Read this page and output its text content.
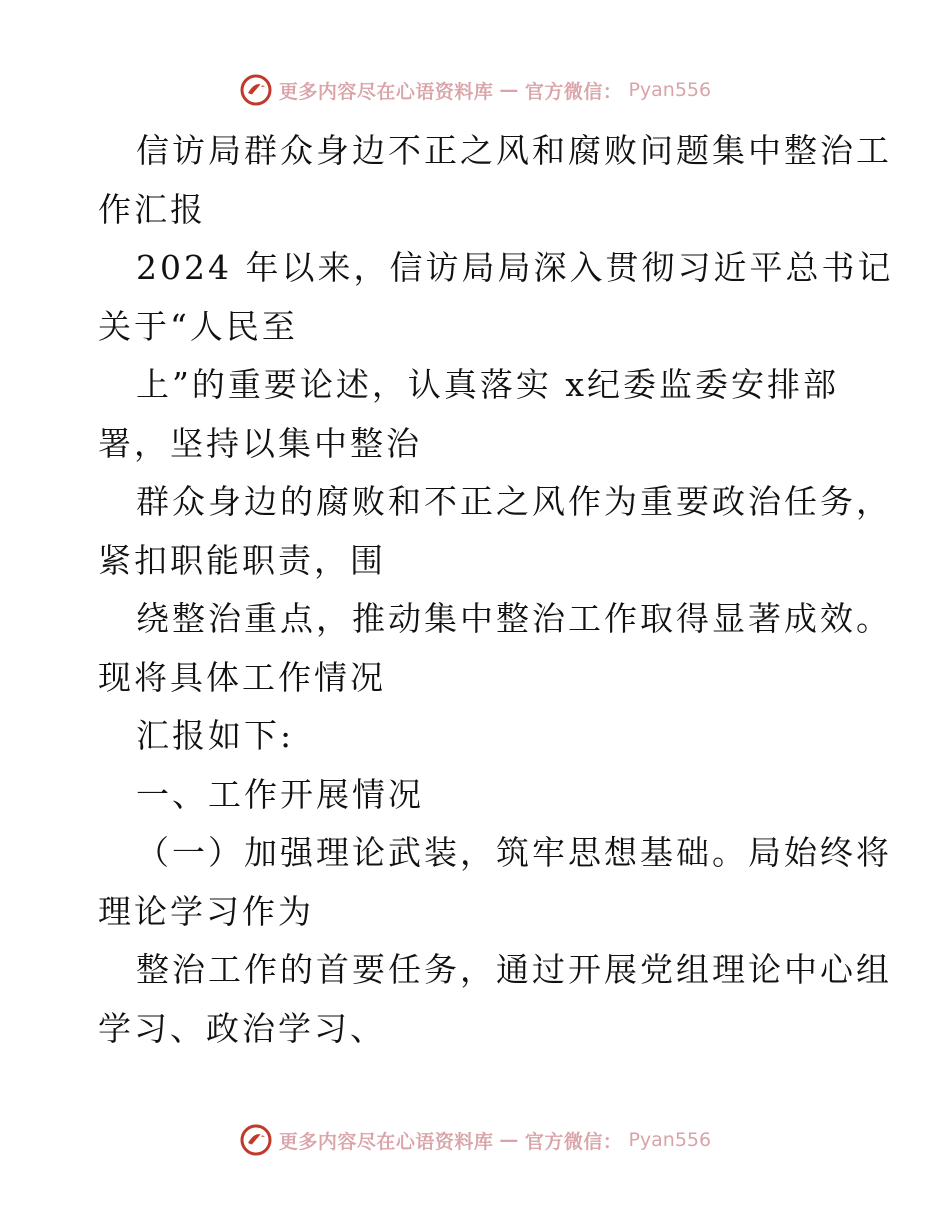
更多内容尽在心语资料库 — 官方微信： Pyan556
信访局群众身边不正之风和腐败问题集中整治工
作汇报
2024 年以来，信访局局深入贯彻习近平总书记
关于“人民至
上”的重要论述，认真落实 x纪委监委安排部
署，坚持以集中整治
群众身边的腐败和不正之风作为重要政治任务，
紧扣职能职责，围
绕整治重点，推动集中整治工作取得显著成效。
现将具体工作情况
汇报如下:
一、工作开展情况
（一）加强理论武装，筑牢思想基础。局始终将
理论学习作为
整治工作的首要任务，通过开展党组理论中心组
学习、政治学习、
更多内容尽在心语资料库 — 官方微信： Pyan556
